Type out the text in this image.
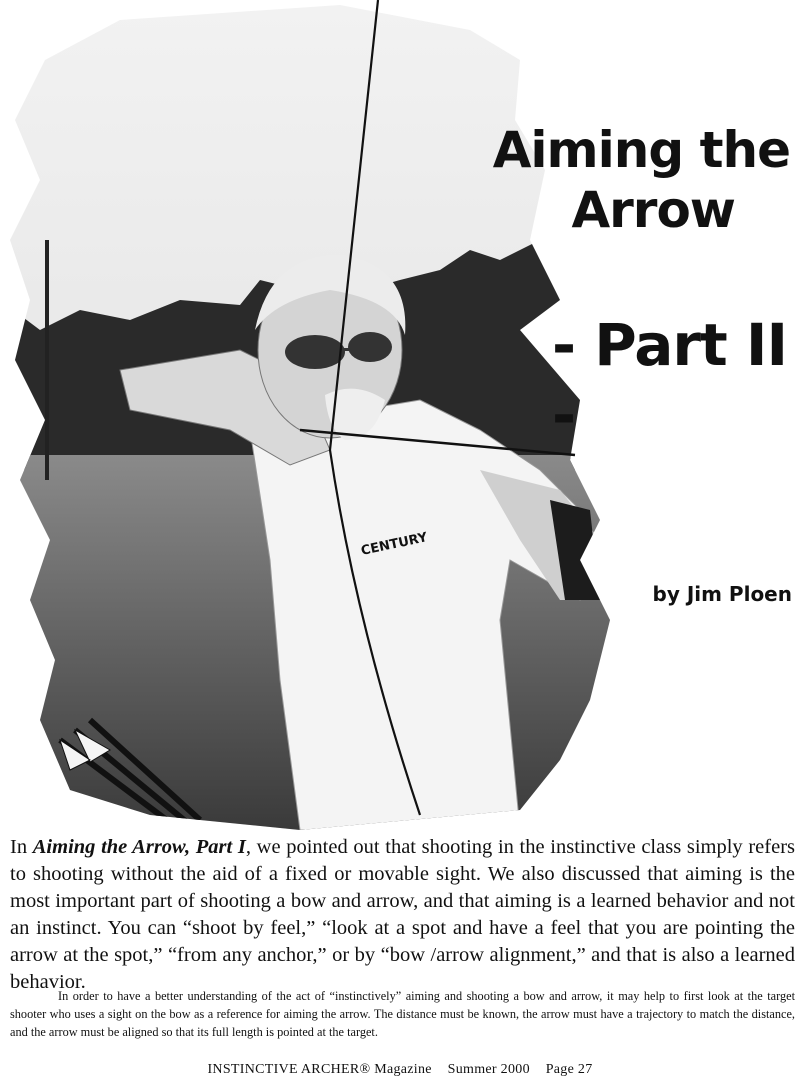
CENTURY
Aiming the
Arrow
- Part II -
by Jim Ploen
In Aiming the Arrow, Part I, we pointed out that shooting in the instinctive class simply refers to shooting without the aid of a fixed or movable sight. We also discussed that aiming is the most important part of shooting a bow and arrow, and that aiming is a learned behavior and not an instinct. You can “shoot by feel,” “look at a spot and have a feel that you are pointing the arrow at the spot,” “from any anchor,” or by “bow /arrow alignment,” and that is also a learned behavior.
In order to have a better understanding of the act of “instinctively” aiming and shooting a bow and arrow, it may help to first look at the target shooter who uses a sight on the bow as a reference for aiming the arrow. The distance must be known, the arrow must have a trajectory to match the distance, and the arrow must be aligned so that its full length is pointed at the target.
INSTINCTIVE ARCHER® Magazine Summer 2000 Page 27
